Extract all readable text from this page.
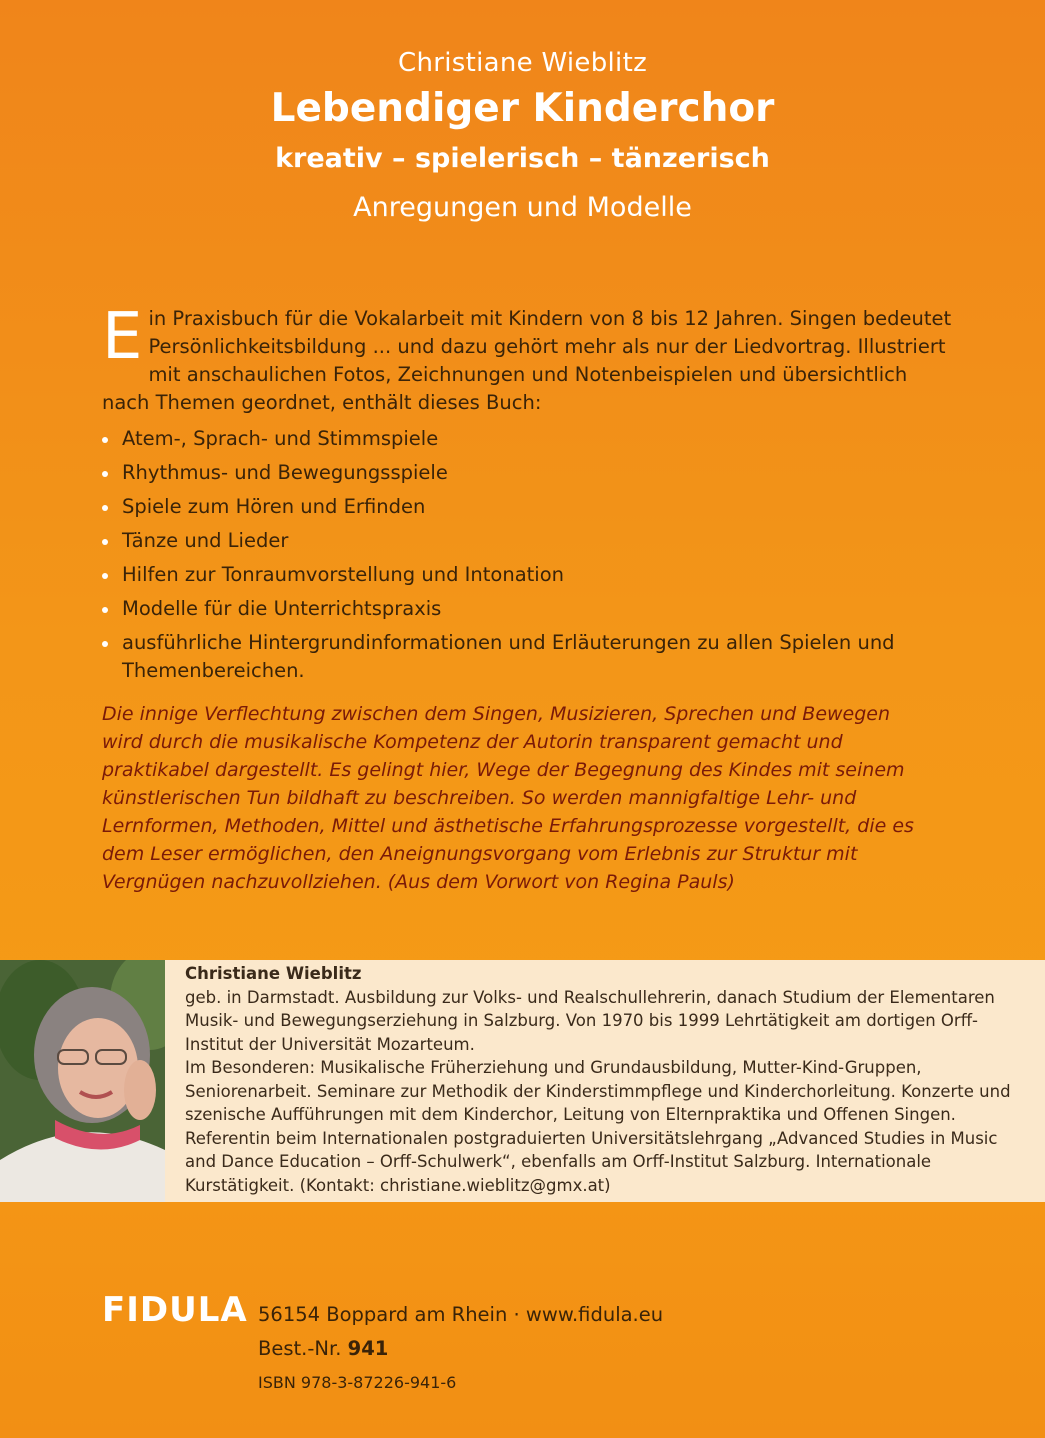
Christiane Wieblitz
Lebendiger Kinderchor
kreativ – spielerisch – tänzerisch
Anregungen und Modelle
E in Praxisbuch für die Vokalarbeit mit Kindern von 8 bis 12 Jahren. Singen bedeutet Persönlichkeitsbildung ... und dazu gehört mehr als nur der Liedvortrag. Illustriert mit anschaulichen Fotos, Zeichnungen und Notenbeispielen und übersichtlich nach Themen geordnet, enthält dieses Buch:

Atem-, Sprach- und Stimmspiele
Rhythmus- und Bewegungsspiele
Spiele zum Hören und Erfinden
Tänze und Lieder
Hilfen zur Tonraumvorstellung und Intonation
Modelle für die Unterrichtspraxis
ausführliche Hintergrundinformationen und Erläuterungen zu allen Spielen und Themenbereichen.
Die innige Verflechtung zwischen dem Singen, Musizieren, Sprechen und Bewegen wird durch die musikalische Kompetenz der Autorin transparent gemacht und praktikabel dargestellt. Es gelingt hier, Wege der Begegnung des Kindes mit seinem künstlerischen Tun bildhaft zu beschreiben. So werden mannigfaltige Lehr- und Lernformen, Methoden, Mittel und ästhetische Erfahrungsprozesse vorgestellt, die es dem Leser ermöglichen, den Aneignungsvorgang vom Erlebnis zur Struktur mit Vergnügen nachzuvollziehen. (Aus dem Vorwort von Regina Pauls)
Christiane Wieblitz

geb. in Darmstadt. Ausbildung zur Volks- und Realschullehrerin, danach Studium der Elementaren Musik- und Bewegungserziehung in Salzburg. Von 1970 bis 1999 Lehrtätigkeit am dortigen Orff-Institut der Universität Mozarteum.

Im Besonderen: Musikalische Früherziehung und Grundausbildung, Mutter-Kind-Gruppen, Seniorenarbeit. Seminare zur Methodik der Kinderstimmpflege und Kinderchorleitung. Konzerte und szenische Aufführungen mit dem Kinderchor, Leitung von Elternpraktika und Offenen Singen. Referentin beim Internationalen postgraduierten Universitätslehrgang „Advanced Studies in Music and Dance Education – Orff-Schulwerk“, ebenfalls am Orff-Institut Salzburg. Internationale Kurstätigkeit. (Kontakt: christiane.wieblitz@gmx.at)

FIDULA 56154 Boppard am Rhein · www.fidula.eu
Best.-Nr. 941
ISBN 978-3-87226-941-6
